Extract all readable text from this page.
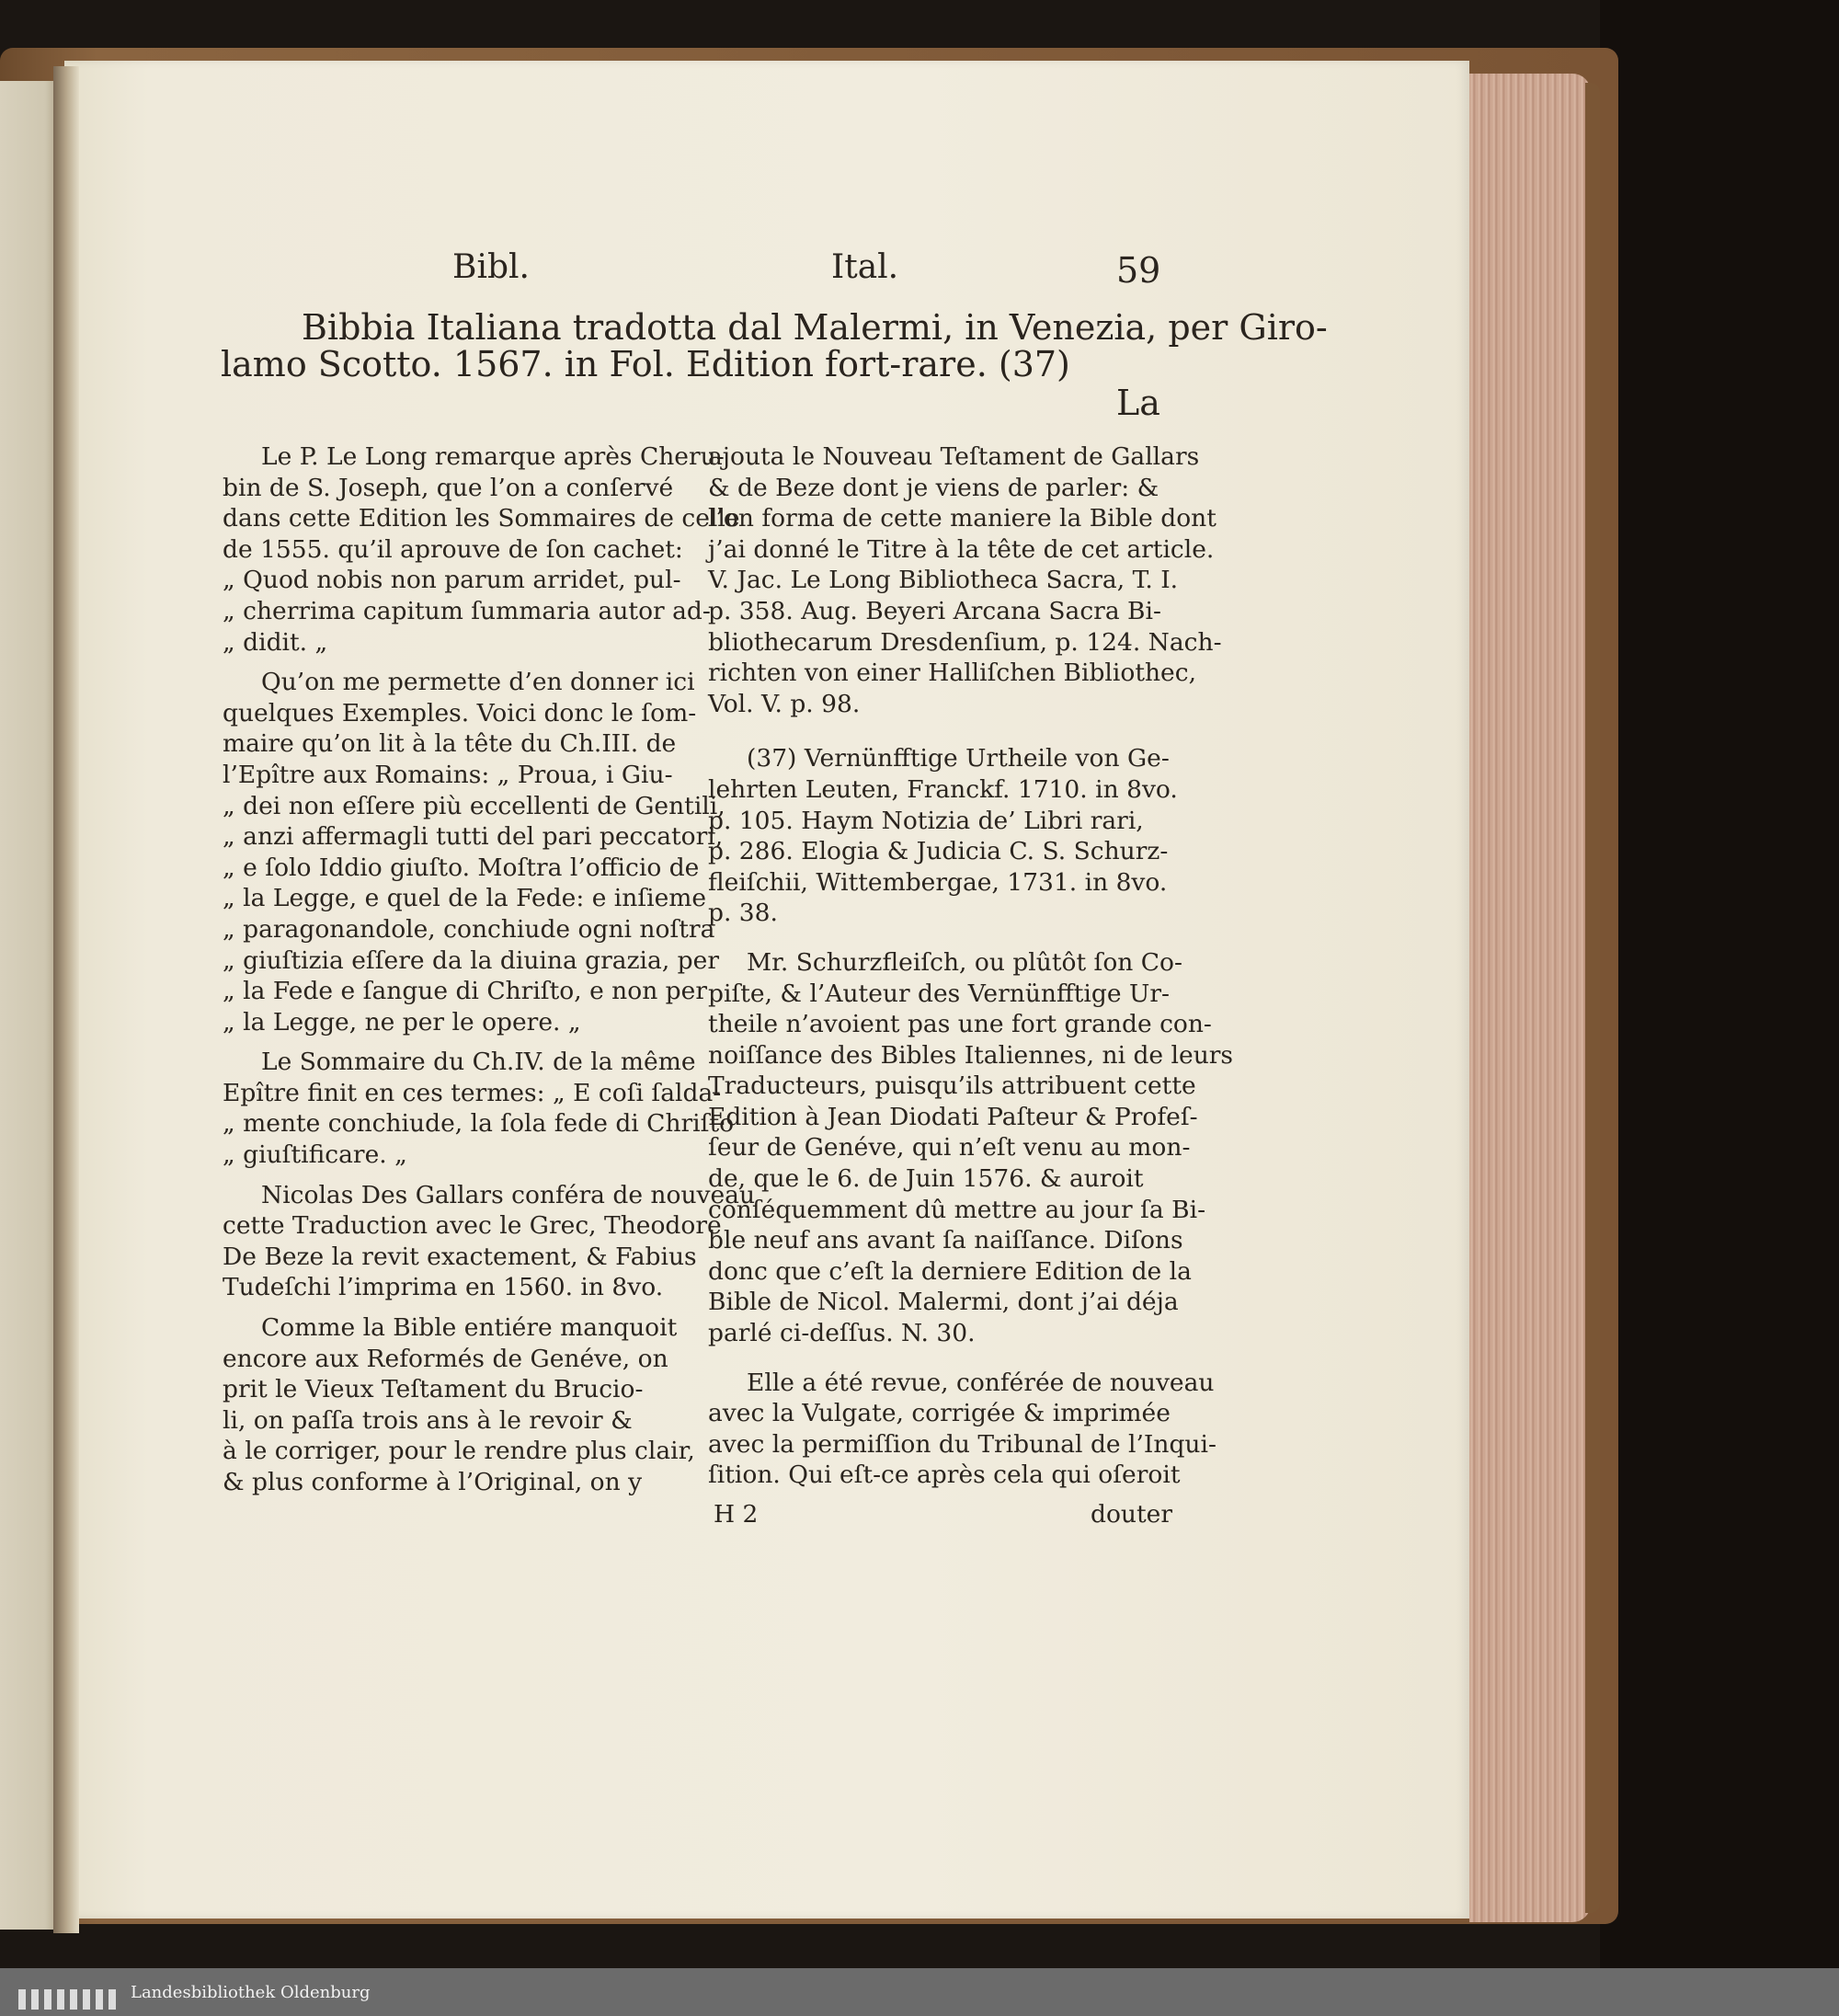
Bibl.	Ital.	59
Bibbia Italiana tradotta dal Malermi, in Venezia, per Giro-
lamo Scotto. 1567. in Fol. Edition fort-rare. (37)
La

Le P. Le Long remarque après Cheru-
bin de S. Joseph, que l’on a conſervé
dans cette Edition les Sommaires de celle
de 1555. qu’il aprouve de ſon cachet:
„ Quod nobis non parum arridet, pul-
„ cherrima capitum ſummaria autor ad-
„ didit. „

Qu’on me permette d’en donner ici
quelques Exemples. Voici donc le ſom-
maire qu’on lit à la tête du Ch.III. de
l’Epître aux Romains: „ Proua, i Giu-
„ dei non eſſere più eccellenti de Gentili,
„ anzi affermagli tutti del pari peccatori,
„ e ſolo Iddio giuſto. Moſtra l’officio de
„ la Legge, e quel de la Fede: e inſieme
„ paragonandole, conchiude ogni noſtra
„ giuſtizia eſſere da la diuina grazia, per
„ la Fede e ſangue di Chriſto, e non per
„ la Legge, ne per le opere. „

Le Sommaire du Ch.IV. de la même
Epître finit en ces termes: „ E coſi ſalda-
„ mente conchiude, la ſola fede di Chriſto
„ giuſtificare. „

Nicolas Des Gallars conféra de nouveau
cette Traduction avec le Grec, Theodore
De Beze la revit exactement, & Fabius
Tudeſchi l’imprima en 1560. in 8vo.

Comme la Bible entiére manquoit
encore aux Reformés de Genéve, on
prit le Vieux Teſtament du Brucio-
li, on paſſa trois ans à le revoir &
à le corriger, pour le rendre plus clair,
& plus conforme à l’Original, on y

ajouta le Nouveau Teſtament de Gallars
& de Beze dont je viens de parler: &
l’on forma de cette maniere la Bible dont
j’ai donné le Titre à la tête de cet article.
V. Jac. Le Long Bibliotheca Sacra, T. I.
p. 358. Aug. Beyeri Arcana Sacra Bi-
bliothecarum Dresdenſium, p. 124. Nach-
richten von einer Halliſchen Bibliothec,
Vol. V. p. 98.

(37) Vernünfftige Urtheile von Ge-
lehrten Leuten, Franckf. 1710. in 8vo.
p. 105. Haym Notizia de’ Libri rari,
p. 286. Elogia & Judicia C. S. Schurz-
fleiſchii, Wittembergae, 1731. in 8vo.
p. 38.

Mr. Schurzfleiſch, ou plûtôt ſon Co-
piſte, & l’Auteur des Vernünfftige Ur-
theile n’avoient pas une fort grande con-
noiſſance des Bibles Italiennes, ni de leurs
Traducteurs, puisqu’ils attribuent cette
Edition à Jean Diodati Paſteur & Profeſ-
ſeur de Genéve, qui n’eſt venu au mon-
de, que le 6. de Juin 1576. & auroit
conſéquemment dû mettre au jour ſa Bi-
ble neuf ans avant ſa naiſſance. Diſons
donc que c’eſt la derniere Edition de la
Bible de Nicol. Malermi, dont j’ai déja
parlé ci-deſſus. N. 30.

Elle a été revue, conférée de nouveau
avec la Vulgate, corrigée & imprimée
avec la permiſſion du Tribunal de l’Inqui-
ſition. Qui eſt-ce après cela qui oſeroit

H 2	douter
Landesbibliothek Oldenburg
